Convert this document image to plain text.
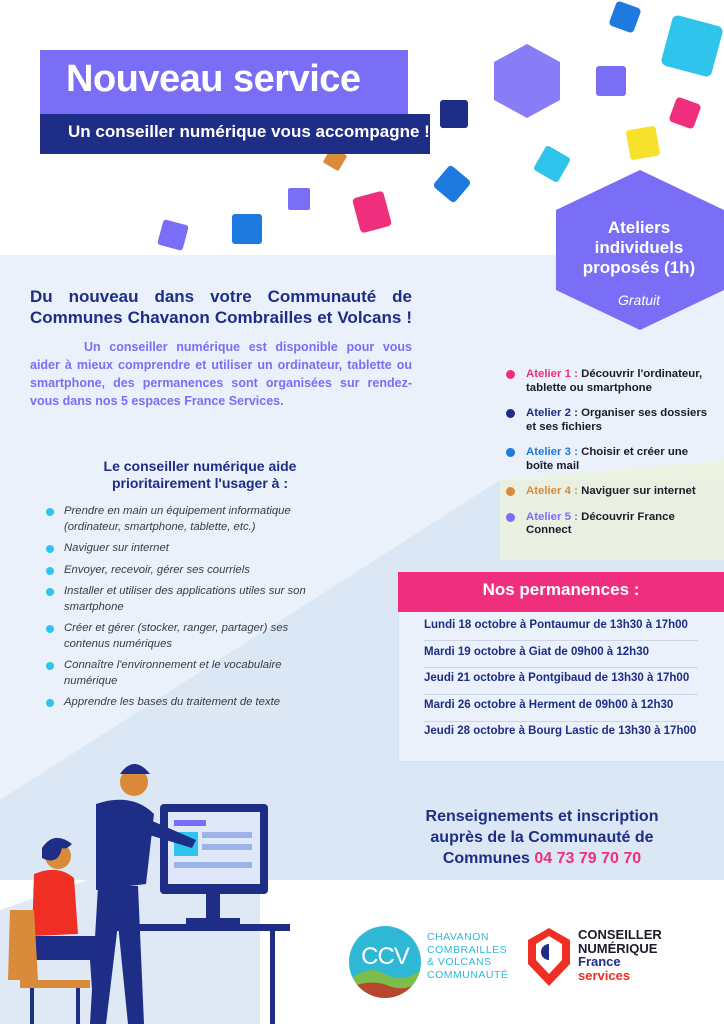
Nouveau service
Un conseiller numérique vous accompagne !
Ateliers individuels proposés (1h)
Gratuit
Du nouveau dans votre Communauté de Communes Chavanon Combrailles et Volcans !
Un conseiller numérique est disponible pour vous aider à mieux comprendre et utiliser un ordinateur, tablette ou smartphone, des permanences sont organisées sur rendez-vous dans nos 5 espaces France Services.
Le conseiller numérique aide prioritairement l'usager à :
Prendre en main un équipement informatique (ordinateur, smartphone, tablette, etc.)
Naviguer sur internet
Envoyer, recevoir, gérer ses courriels
Installer et utiliser des applications utiles sur son smartphone
Créer et gérer (stocker, ranger, partager) ses contenus numériques
Connaître l'environnement et le vocabulaire numérique
Apprendre les bases du traitement de texte
Atelier 1 : Découvrir l'ordinateur, tablette ou smartphone
Atelier 2 : Organiser ses dossiers et ses fichiers
Atelier 3 : Choisir et créer une boîte mail
Atelier 4 : Naviguer sur internet
Atelier 5 : Découvrir France Connect
Nos permanences :
Lundi 18 octobre à Pontaumur de 13h30 à 17h00
Mardi 19 octobre à Giat de 09h00 à 12h30
Jeudi 21 octobre à Pontgibaud de 13h30 à 17h00
Mardi 26 octobre à Herment de 09h00 à 12h30
Jeudi 28 octobre à Bourg Lastic de 13h30 à 17h00
Renseignements et inscription auprès de la Communauté de Communes 04 73 79 70 70
CCV
CHAVANON
COMBRAILLES
& VOLCANS
COMMUNAUTÉ
CONSEILLER
NUMÉRIQUE
France
services
